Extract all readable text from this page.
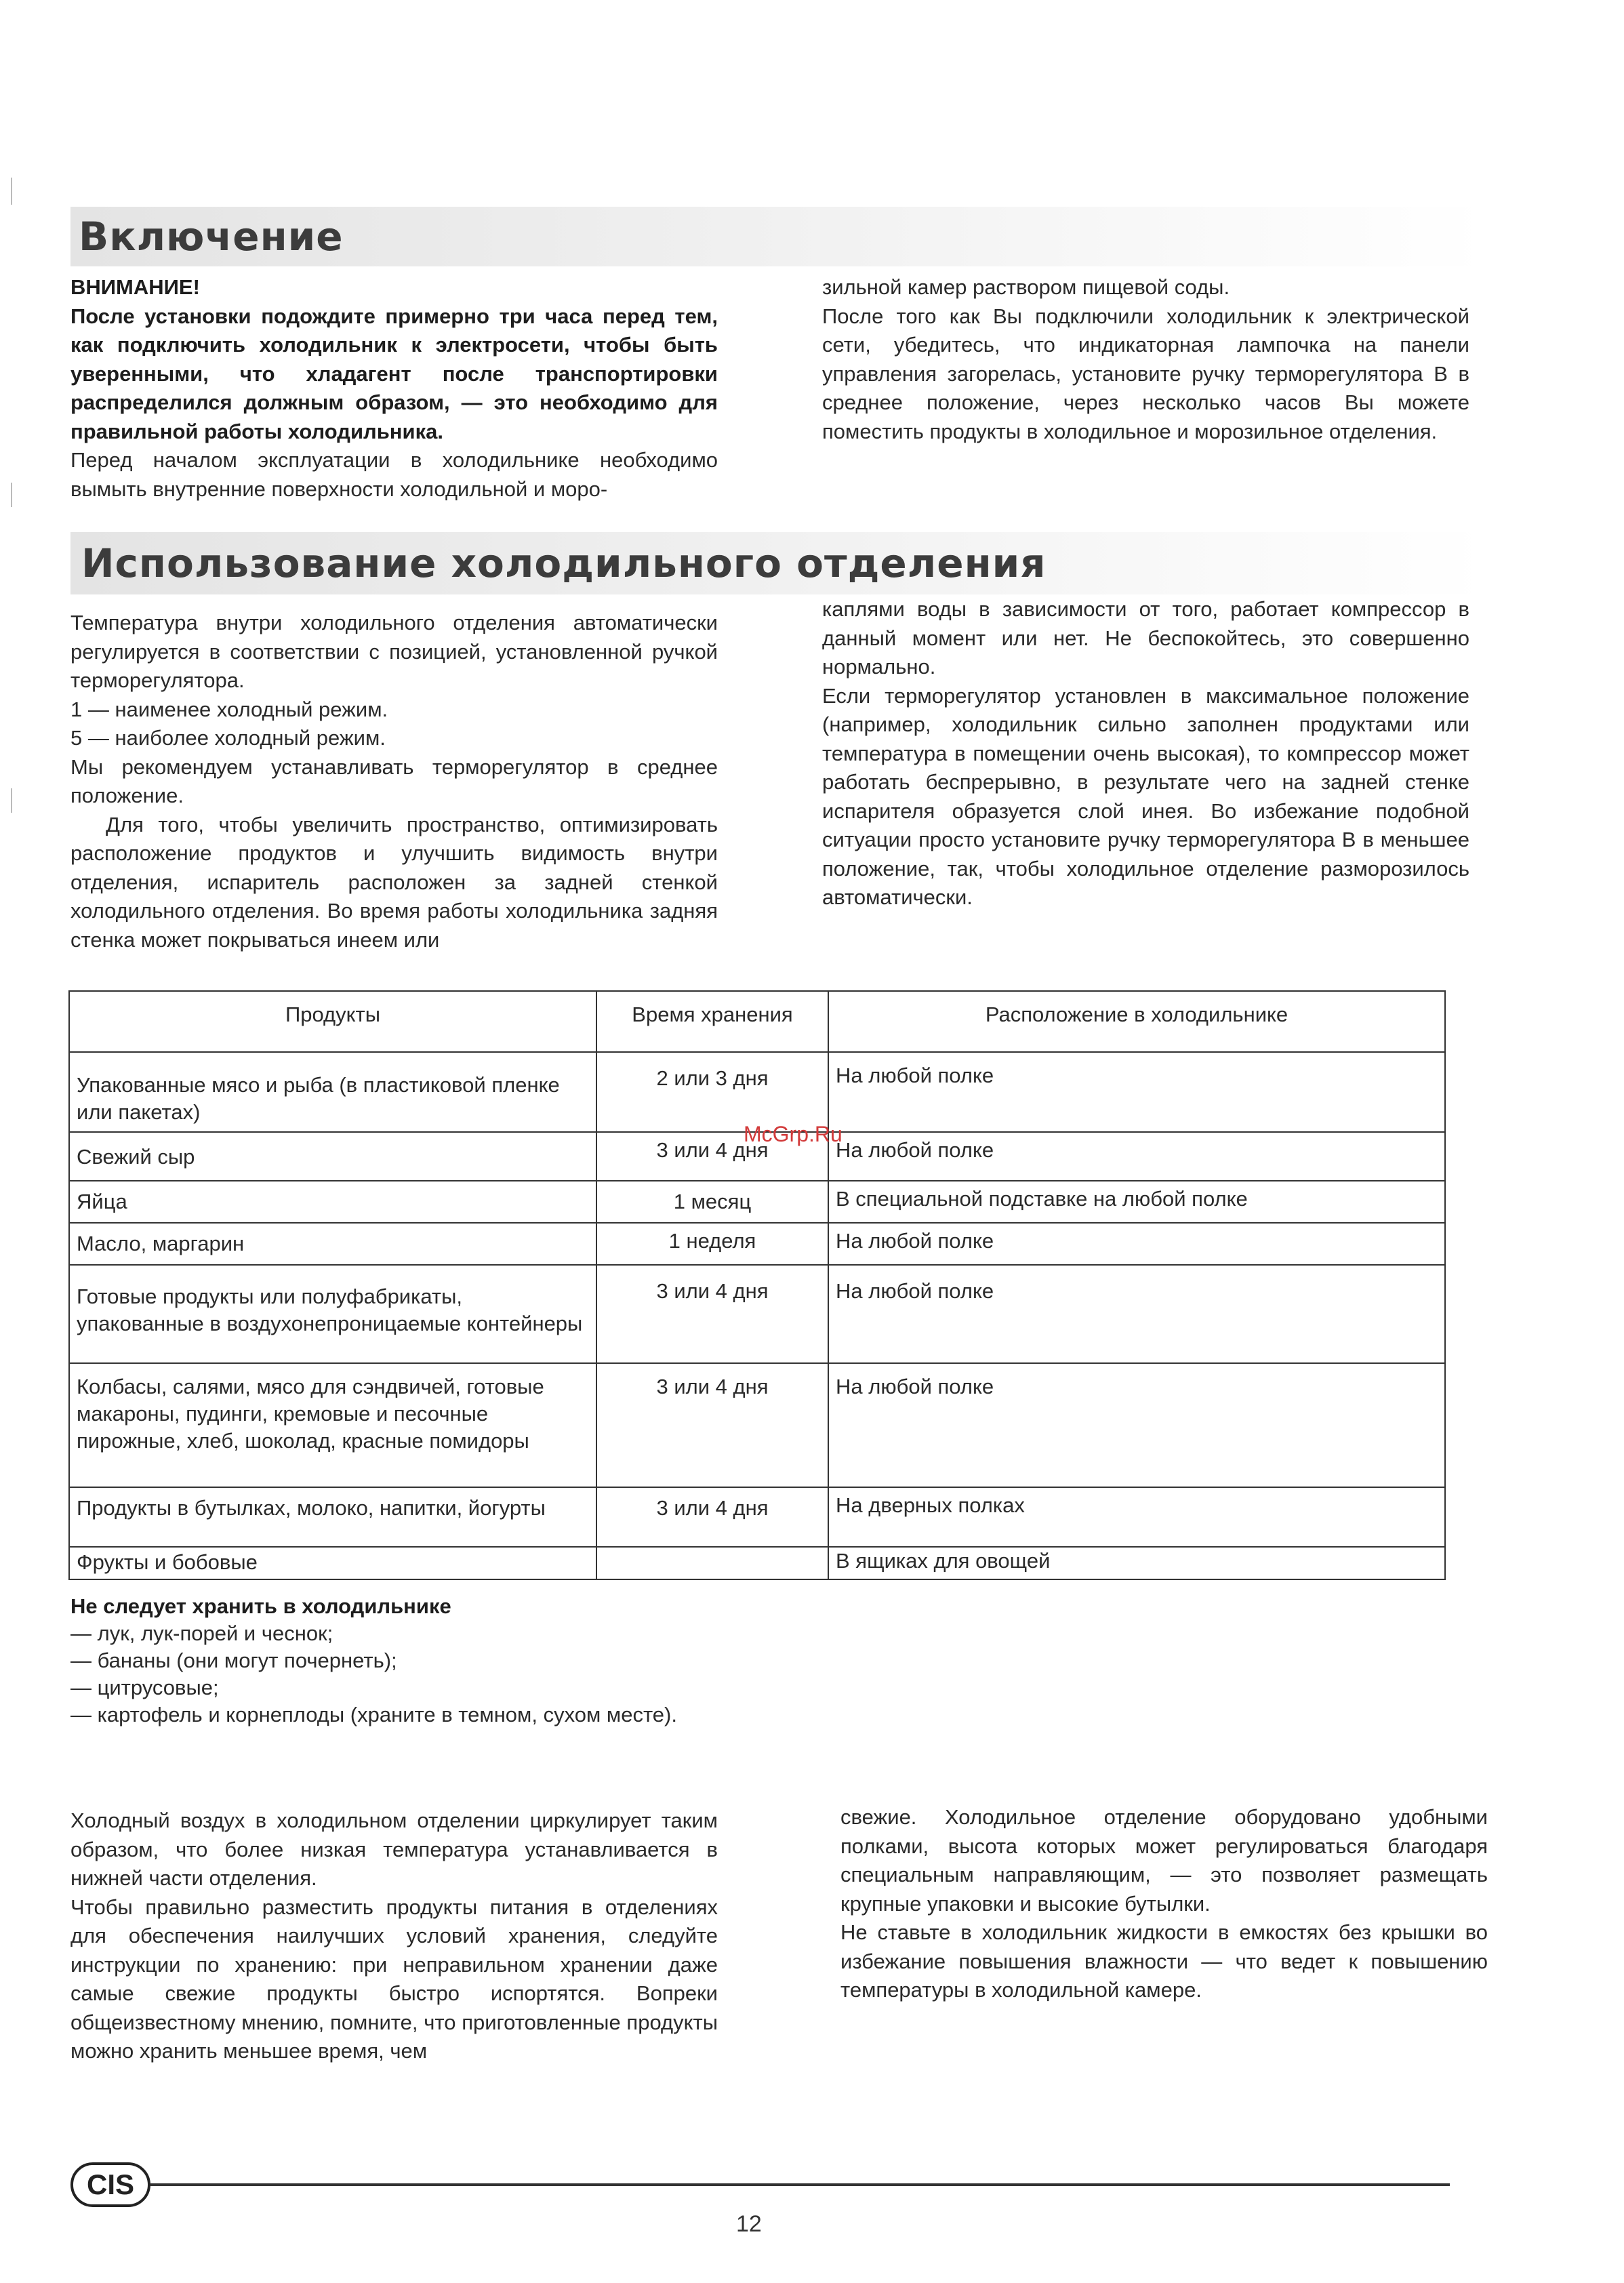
Включение

ВНИМАНИЕ!

После установки подождите примерно три часа перед тем, как подключить холодильник к электросети, чтобы быть уверенными, что хладагент после транспортировки распределился должным образом, — это необходимо для правильной работы холодильника.

Перед началом эксплуатации в холодильнике необходимо вымыть внутренние поверхности холодильной и моро-

зильной камер раствором пищевой соды.

После того как Вы подключили холодильник к электрической сети, убедитесь, что индикаторная лампочка на панели управления загорелась, установите ручку терморегулятора B в среднее положение, через несколько часов Вы можете поместить продукты в холодильное и морозильное отделения.

Использование холодильного отделения

Температура внутри холодильного отделения автоматически регулируется в соответствии с позицией, установленной ручкой терморегулятора.

1 — наименее холодный режим.

5 — наиболее холодный режим.

Мы рекомендуем устанавливать терморегулятор в среднее положение.

Для того, чтобы увеличить пространство, оптимизировать расположение продуктов и улучшить видимость внутри отделения, испаритель расположен за задней стенкой холодильного отделения. Во время работы холодильника задняя стенка может покрываться инеем или

каплями воды в зависимости от того, работает компрессор в данный момент или нет. Не беспокойтесь, это совершенно нормально.

Если терморегулятор установлен в максимальное положение (например, холодильник сильно заполнен продуктами или температура в помещении очень высокая), то компрессор может работать беспрерывно, в результате чего на задней стенке испарителя образуется слой инея. Во избежание подобной ситуации просто установите ручку терморегулятора B в меньшее положение, так, чтобы холодильное отделение разморозилось автоматически.

Продукты	Время хранения	Расположение в холодильнике
Упакованные мясо и рыба (в пластиковой пленке или пакетах)	2 или 3 дня	На любой полке
Свежий сыр	3 или 4 дня	На любой полке
Яйца	1 месяц	В специальной подставке на любой полке
Масло, маргарин	1 неделя	На любой полке
Готовые продукты или полуфабрикаты, упакованные в воздухонепроницаемые контейнеры	3 или 4 дня	На любой полке
Колбасы, салями, мясо для сэндвичей, готовые макароны, пудинги, кремовые и песочные пирожные, хлеб, шоколад, красные помидоры	3 или 4 дня	На любой полке
Продукты в бутылках, молоко, напитки, йогурты	3 или 4 дня	На дверных полках
Фрукты и бобовые		В ящиках для овощей
McGrp.Ru
Не следует хранить в холодильнике
— лук, лук-порей и чеснок;
— бананы (они могут почернеть);
— цитрусовые;
— картофель и корнеплоды (храните в темном, сухом месте).

Холодный воздух в холодильном отделении циркулирует таким образом, что более низкая температура устанавливается в нижней части отделения.

Чтобы правильно разместить продукты питания в отделениях для обеспечения наилучших условий хранения, следуйте инструкции по хранению: при неправильном хранении даже самые свежие продукты быстро испортятся. Вопреки общеизвестному мнению, помните, что приготовленные продукты можно хранить меньшее время, чем

свежие. Холодильное отделение оборудовано удобными полками, высота которых может регулироваться благодаря специальным направляющим, — это позволяет размещать крупные упаковки и высокие бутылки.

Не ставьте в холодильник жидкости в емкостях без крышки во избежание повышения влажности — что ведет к повышению температуры в холодильной камере.

CIS
12
